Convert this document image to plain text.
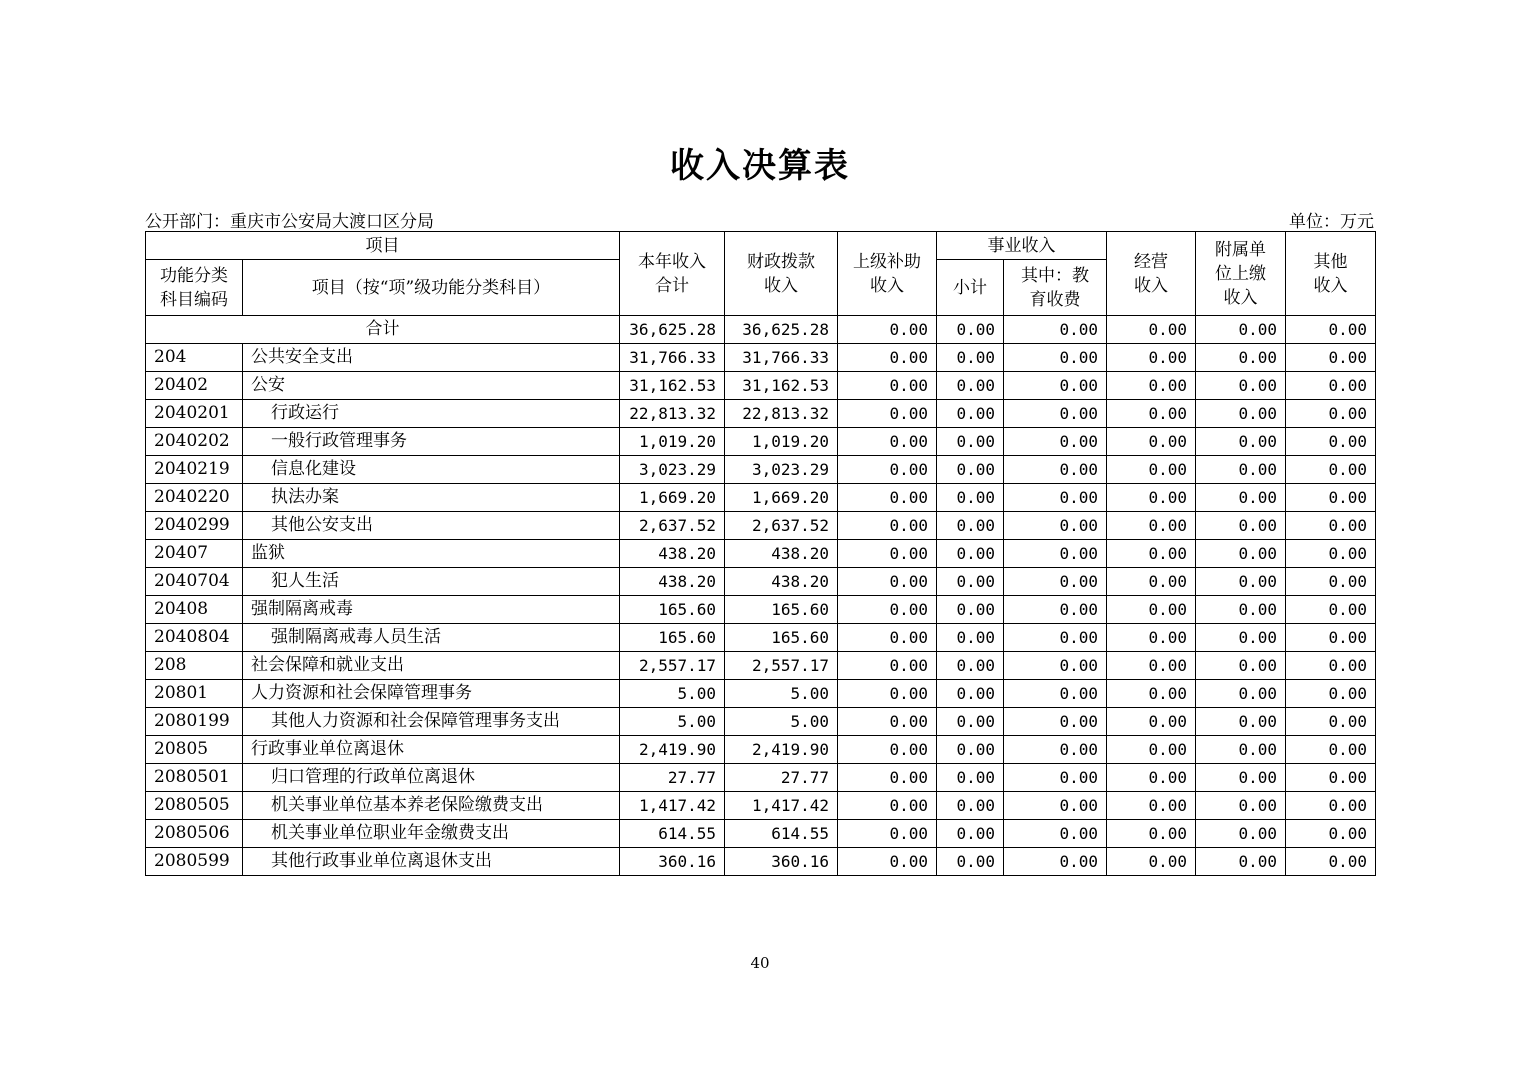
收入决算表
公开部门：重庆市公安局大渡口区分局	单位：万元
项目		本年收入合计	财政拨款收入	上级补助收入	事业收入		经营收入	附属单位上缴收入	其他收入
功能分类科目编码	项目（按“项”级功能分类科目）								
					小计	其中：教育收费			
合计		36,625.28	36,625.28	0.00	0.00	0.00	0.00	0.00	0.00
204	公共安全支出	31,766.33	31,766.33	0.00	0.00	0.00	0.00	0.00	0.00
20402	公安	31,162.53	31,162.53	0.00	0.00	0.00	0.00	0.00	0.00
2040201	行政运行	22,813.32	22,813.32	0.00	0.00	0.00	0.00	0.00	0.00
2040202	一般行政管理事务	1,019.20	1,019.20	0.00	0.00	0.00	0.00	0.00	0.00
2040219	信息化建设	3,023.29	3,023.29	0.00	0.00	0.00	0.00	0.00	0.00
2040220	执法办案	1,669.20	1,669.20	0.00	0.00	0.00	0.00	0.00	0.00
2040299	其他公安支出	2,637.52	2,637.52	0.00	0.00	0.00	0.00	0.00	0.00
20407	监狱	438.20	438.20	0.00	0.00	0.00	0.00	0.00	0.00
2040704	犯人生活	438.20	438.20	0.00	0.00	0.00	0.00	0.00	0.00
20408	强制隔离戒毒	165.60	165.60	0.00	0.00	0.00	0.00	0.00	0.00
2040804	强制隔离戒毒人员生活	165.60	165.60	0.00	0.00	0.00	0.00	0.00	0.00
208	社会保障和就业支出	2,557.17	2,557.17	0.00	0.00	0.00	0.00	0.00	0.00
20801	人力资源和社会保障管理事务	5.00	5.00	0.00	0.00	0.00	0.00	0.00	0.00
2080199	其他人力资源和社会保障管理事务支出	5.00	5.00	0.00	0.00	0.00	0.00	0.00	0.00
20805	行政事业单位离退休	2,419.90	2,419.90	0.00	0.00	0.00	0.00	0.00	0.00
2080501	归口管理的行政单位离退休	27.77	27.77	0.00	0.00	0.00	0.00	0.00	0.00
2080505	机关事业单位基本养老保险缴费支出	1,417.42	1,417.42	0.00	0.00	0.00	0.00	0.00	0.00
2080506	机关事业单位职业年金缴费支出	614.55	614.55	0.00	0.00	0.00	0.00	0.00	0.00
2080599	其他行政事业单位离退休支出	360.16	360.16	0.00	0.00	0.00	0.00	0.00	0.00
40
